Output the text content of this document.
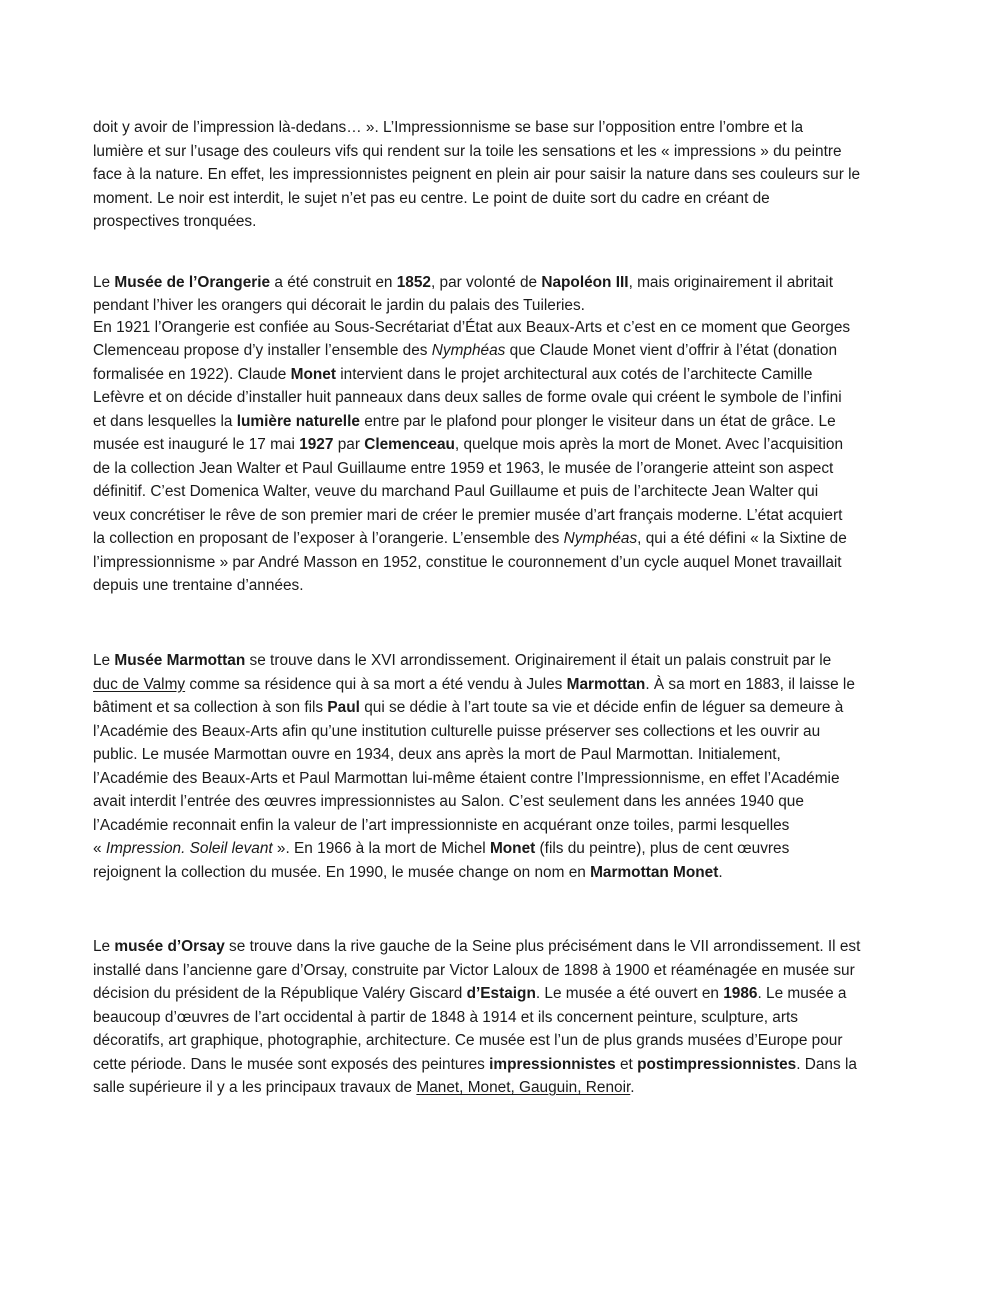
doit y avoir de l’impression là-dedans… ». L’Impressionnisme se base sur l’opposition entre l’ombre et la
lumière et sur l’usage des couleurs vifs qui rendent sur la toile les sensations et les « impressions » du peintre
face à la nature. En effet, les impressionnistes peignent en plein air pour saisir la nature dans ses couleurs sur le
moment. Le noir est interdit, le sujet n’et pas eu centre. Le point de duite sort du cadre en créant de
prospectives tronquées.
Le Musée de l’Orangerie a été construit en 1852, par volonté de Napoléon III, mais originairement il abritait
pendant l’hiver les orangers qui décorait le jardin du palais des Tuileries.
En 1921 l’Orangerie est confiée au Sous-Secrétariat d’État aux Beaux-Arts et c’est en ce moment que Georges
Clemenceau propose d’y installer l’ensemble des Nymphéas que Claude Monet vient d’offrir à l’état (donation
formalisée en 1922). Claude Monet intervient dans le projet architectural aux cotés de l’architecte Camille
Lefèvre et on décide d’installer huit panneaux dans deux salles de forme ovale qui créent le symbole de l’infini
et dans lesquelles la lumière naturelle entre par le plafond pour plonger le visiteur dans un état de grâce. Le
musée est inauguré le 17 mai 1927 par Clemenceau, quelque mois après la mort de Monet. Avec l’acquisition
de la collection Jean Walter et Paul Guillaume entre 1959 et 1963, le musée de l’orangerie atteint son aspect
définitif. C’est Domenica Walter, veuve du marchand Paul Guillaume et puis de l’architecte Jean Walter qui
veux concrétiser le rêve de son premier mari de créer le premier musée d’art français moderne. L’état acquiert
la collection en proposant de l’exposer à l’orangerie. L’ensemble des Nymphéas, qui a été défini « la Sixtine de
l’impressionnisme » par André Masson en 1952, constitue le couronnement d’un cycle auquel Monet travaillait
depuis une trentaine d’années.
Le Musée Marmottan se trouve dans le XVI arrondissement. Originairement il était un palais construit par le
duc de Valmy comme sa résidence qui à sa mort a été vendu à Jules Marmottan. À sa mort en 1883, il laisse le
bâtiment et sa collection à son fils Paul qui se dédie à l’art toute sa vie et décide enfin de léguer sa demeure à
l’Académie des Beaux-Arts afin qu’une institution culturelle puisse préserver ses collections et les ouvrir au
public. Le musée Marmottan ouvre en 1934, deux ans après la mort de Paul Marmottan. Initialement,
l’Académie des Beaux-Arts et Paul Marmottan lui-même étaient contre l’Impressionnisme, en effet l’Académie
avait interdit l’entrée des œuvres impressionnistes au Salon. C’est seulement dans les années 1940 que
l’Académie reconnait enfin la valeur de l’art impressionniste en acquérant onze toiles, parmi lesquelles
« Impression. Soleil levant ». En 1966 à la mort de Michel Monet (fils du peintre), plus de cent œuvres
rejoignent la collection du musée. En 1990, le musée change on nom en Marmottan Monet.
Le musée d’Orsay se trouve dans la rive gauche de la Seine plus précisément dans le VII arrondissement. Il est
installé dans l’ancienne gare d’Orsay, construite par Victor Laloux de 1898 à 1900 et réaménagée en musée sur
décision du président de la République Valéry Giscard d’Estaign. Le musée a été ouvert en 1986. Le musée a
beaucoup d’œuvres de l’art occidental à partir de 1848 à 1914 et ils concernent peinture, sculpture, arts
décoratifs, art graphique, photographie, architecture. Ce musée est l’un de plus grands musées d’Europe pour
cette période. Dans le musée sont exposés des peintures impressionnistes et postimpressionnistes. Dans la
salle supérieure il y a les principaux travaux de Manet, Monet, Gauguin, Renoir.
